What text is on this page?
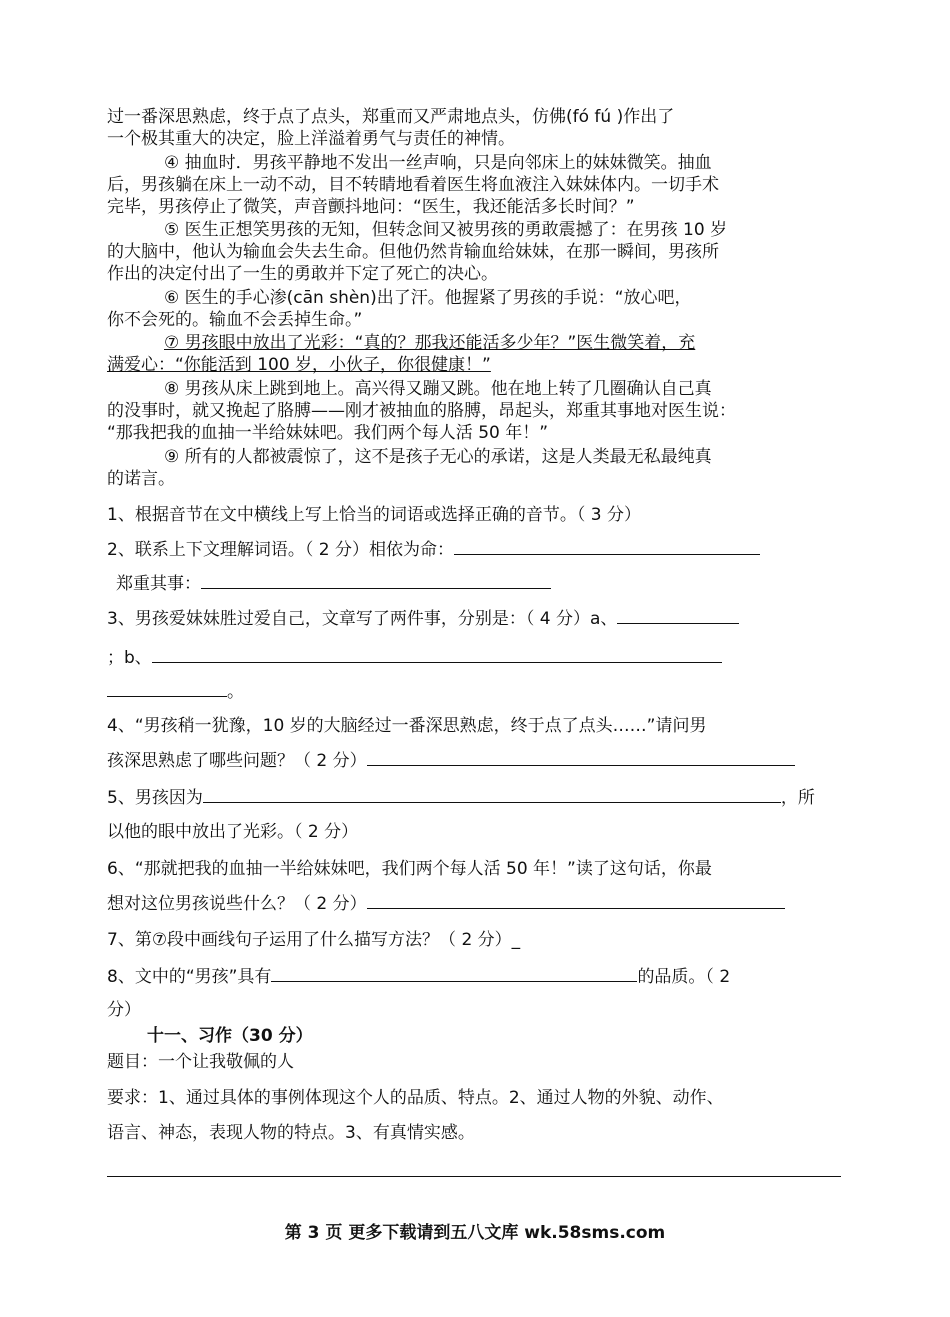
过一番深思熟虑，终于点了点头，郑重而又严肃地点头，仿佛(fó fú )作出了
一个极其重大的决定，脸上洋溢着勇气与责任的神情。
④ 抽血时．男孩平静地不发出一丝声响，只是向邻床上的妹妹微笑。抽血
后，男孩躺在床上一动不动，目不转睛地看着医生将血液注入妹妹体内。一切手术
完毕，男孩停止了微笑，声音颤抖地问：“医生，我还能活多长时间？”
⑤ 医生正想笑男孩的无知，但转念间又被男孩的勇敢震撼了：在男孩 10 岁
的大脑中，他认为输血会失去生命。但他仍然肯输血给妹妹，在那一瞬间，男孩所
作出的决定付出了一生的勇敢并下定了死亡的决心。
⑥ 医生的手心渗(cān shèn)出了汗。他握紧了男孩的手说：“放心吧，
你不会死的。输血不会丢掉生命。”
⑦ 男孩眼中放出了光彩：“真的？那我还能活多少年？”医生微笑着，充
满爱心：“你能活到 100 岁，小伙子，你很健康！”
⑧ 男孩从床上跳到地上。高兴得又蹦又跳。他在地上转了几圈确认自己真
的没事时，就又挽起了胳膊——刚才被抽血的胳膊，昂起头，郑重其事地对医生说：
“那我把我的血抽一半给妹妹吧。我们两个每人活 50 年！”
⑨ 所有的人都被震惊了，这不是孩子无心的承诺，这是人类最无私最纯真
的诺言。
1、根据音节在文中横线上写上恰当的词语或选择正确的音节。（ 3 分）
2、联系上下文理解词语。（ 2 分）相依为命：
郑重其事：
3、男孩爱妹妹胜过爱自己，文章写了两件事，分别是：（ 4 分）a、
；b、
。
4、“男孩稍一犹豫，10 岁的大脑经过一番深思熟虑，终于点了点头……”请问男
孩深思熟虑了哪些问题？（ 2 分）
5、男孩因为	，所
以他的眼中放出了光彩。（ 2 分）
6、“那就把我的血抽一半给妹妹吧，我们两个每人活 50 年！”读了这句话，你最
想对这位男孩说些什么？（ 2 分）
7、第⑦段中画线句子运用了什么描写方法？（ 2 分）_
8、文中的“男孩”具有	的品质。（ 2
分）
十一、习作（30 分）
题目：一个让我敬佩的人
要求：1、通过具体的事例体现这个人的品质、特点。2、通过人物的外貌、动作、
语言、神态，表现人物的特点。3、有真情实感。
第 3 页 更多下载请到五八文库 wk.58sms.com
